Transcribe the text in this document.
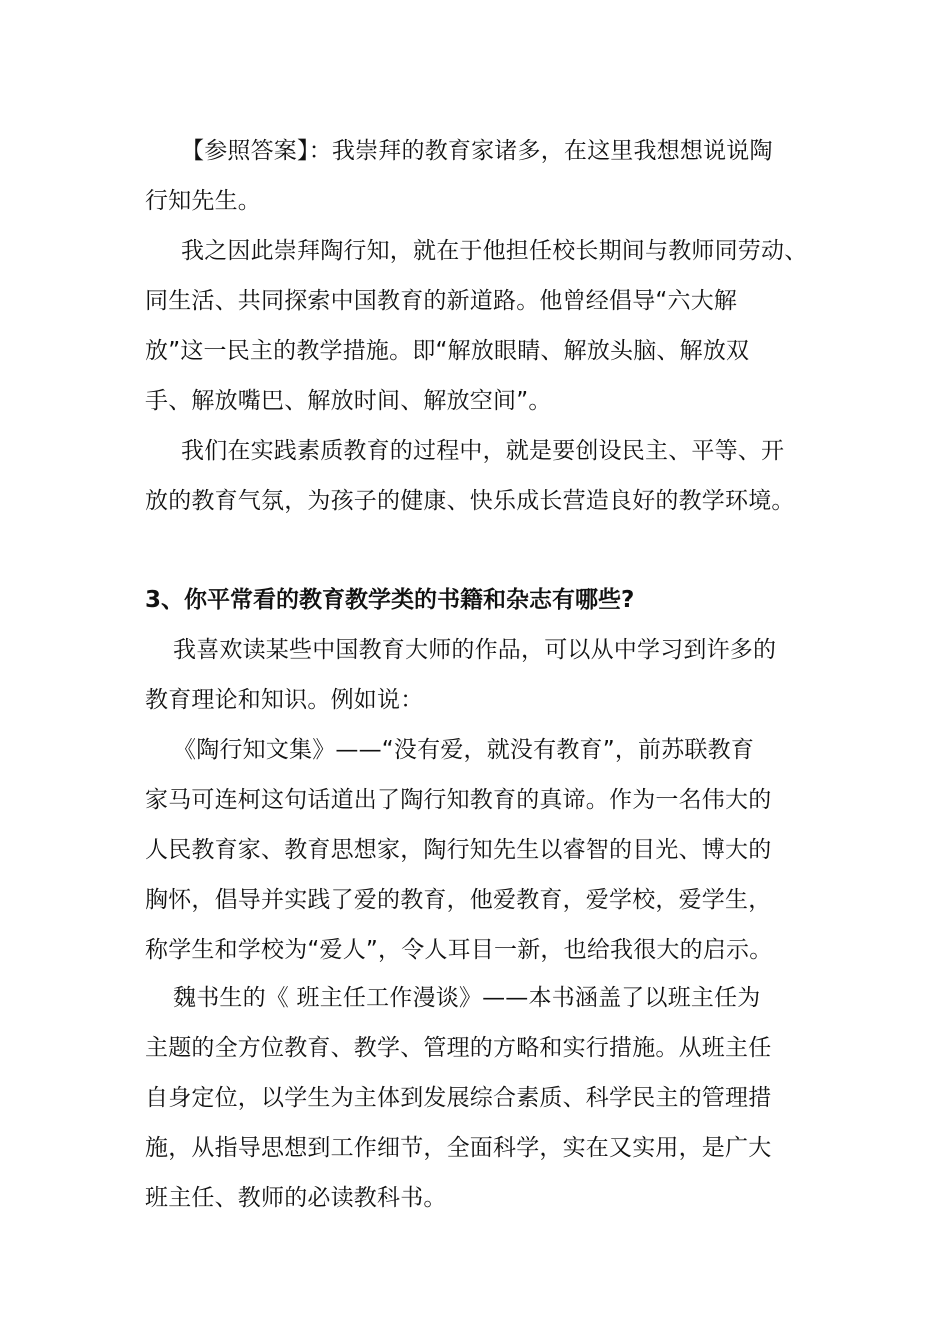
【参照答案】：我崇拜的教育家诸多，在这里我想想说说陶
行知先生。
我之因此崇拜陶行知，就在于他担任校长期间与教师同劳动、
同生活、共同探索中国教育的新道路。他曾经倡导“六大解
放”这一民主的教学措施。即“解放眼睛、解放头脑、解放双
手、解放嘴巴、解放时间、解放空间”。
我们在实践素质教育的过程中，就是要创设民主、平等、开
放的教育气氛，为孩子的健康、快乐成长营造良好的教学环境。
3、你平常看的教育教学类的书籍和杂志有哪些?
我喜欢读某些中国教育大师的作品，可以从中学习到许多的
教育理论和知识。例如说：
《陶行知文集》——“没有爱，就没有教育”，前苏联教育
家马可连柯这句话道出了陶行知教育的真谛。作为一名伟大的
人民教育家、教育思想家，陶行知先生以睿智的目光、博大的
胸怀，倡导并实践了爱的教育，他爱教育，爱学校，爱学生，
称学生和学校为“爱人”，令人耳目一新，也给我很大的启示。
魏书生的《 班主任工作漫谈》——本书涵盖了以班主任为
主题的全方位教育、教学、管理的方略和实行措施。从班主任
自身定位，以学生为主体到发展综合素质、科学民主的管理措
施，从指导思想到工作细节，全面科学，实在又实用，是广大
班主任、教师的必读教科书。
